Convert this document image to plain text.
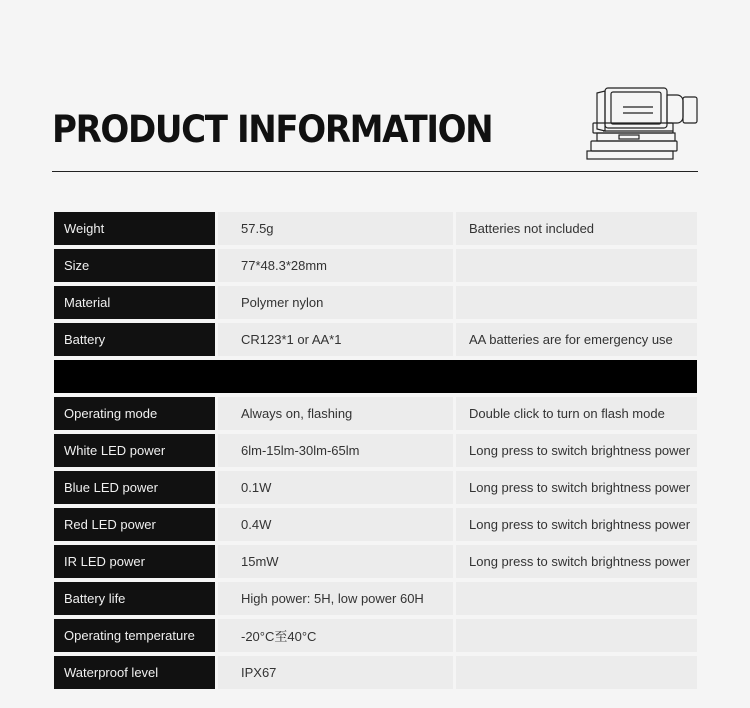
PRODUCT INFORMATION
Weight		57.5g		Batteries not included
Size		77*48.3*28mm		
Material		Polymer nylon		
Battery		CR123*1 or AA*1		AA batteries are for emergency use

Operating mode		Always on, flashing		Double click to turn on flash mode
White LED power		6lm-15lm-30lm-65lm		Long press to switch brightness power
Blue LED power		0.1W		Long press to switch brightness power
Red LED power		0.4W		Long press to switch brightness power
IR LED power		15mW		Long press to switch brightness power
Battery life		High power: 5H, low power 60H		
Operating temperature		-20°C至40°C		
Waterproof level		IPX67		
